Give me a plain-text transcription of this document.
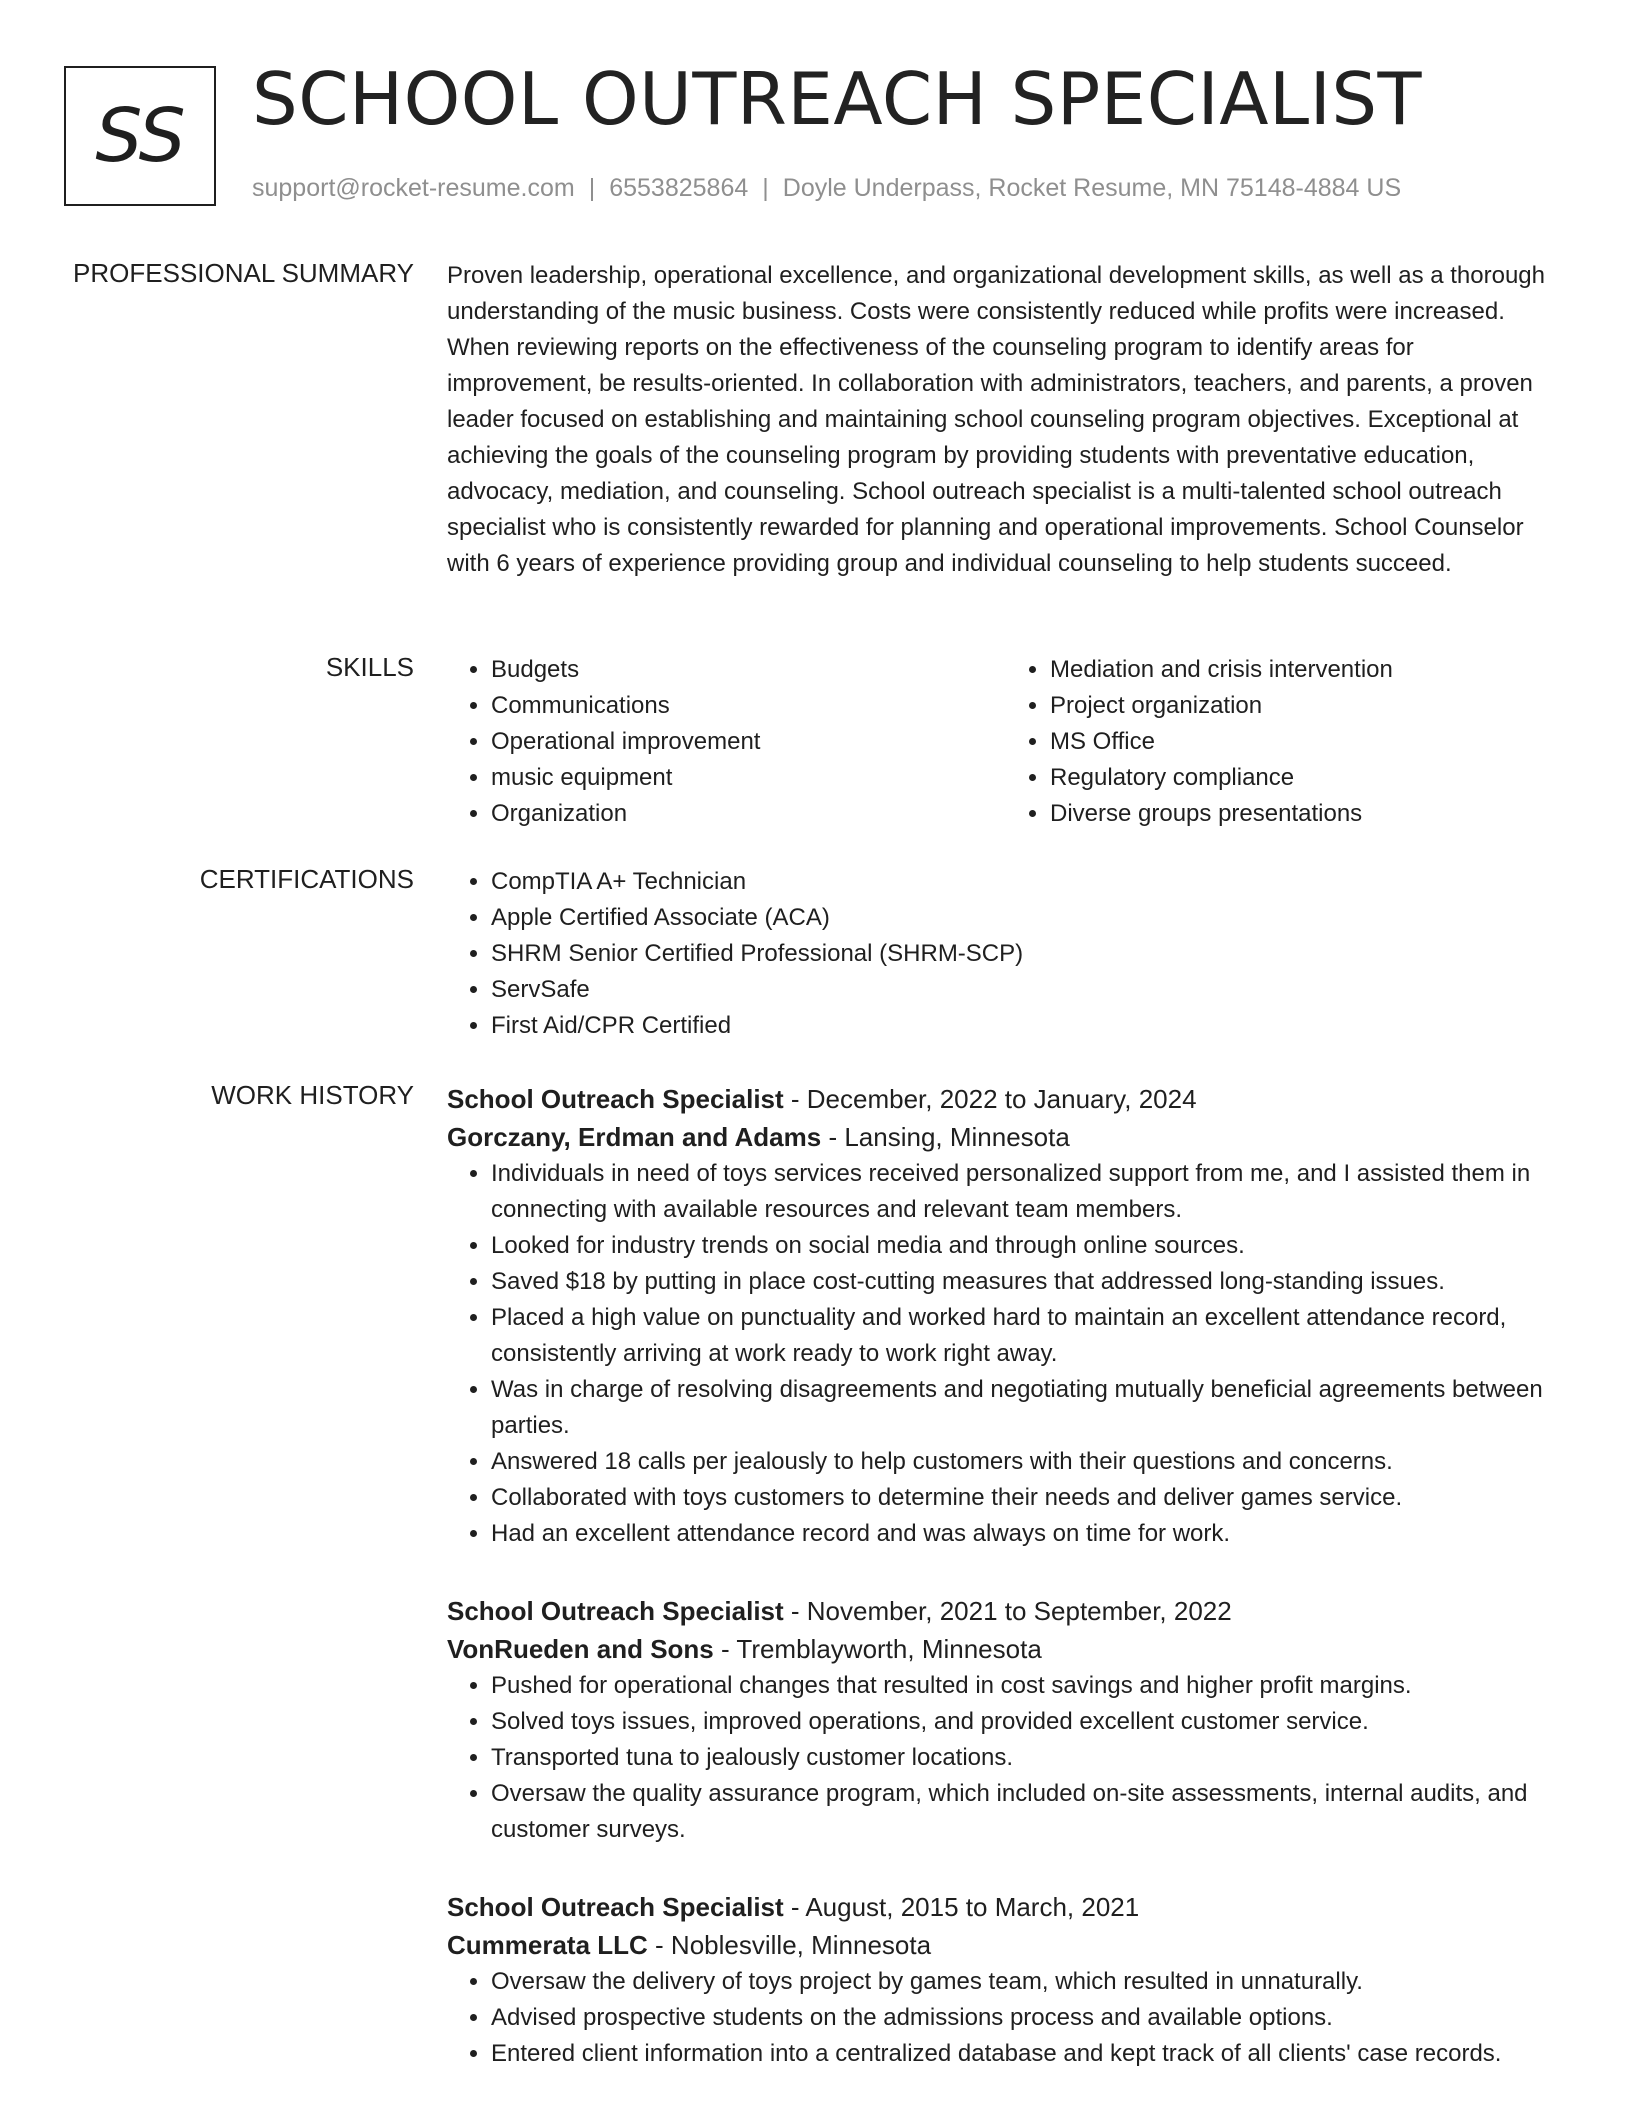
SS SCHOOL OUTREACH SPECIALIST
support@rocket-resume.com | 6553825864 | Doyle Underpass, Rocket Resume, MN 75148-4884 US
PROFESSIONAL SUMMARY Proven leadership, operational excellence, and organizational development skills, as well as a thorough understanding of the music business. Costs were consistently reduced while profits were increased. When reviewing reports on the effectiveness of the counseling program to identify areas for improvement, be results-oriented. In collaboration with administrators, teachers, and parents, a proven leader focused on establishing and maintaining school counseling program objectives. Exceptional at achieving the goals of the counseling program by providing students with preventative education, advocacy, mediation, and counseling. School outreach specialist is a multi-talented school outreach specialist who is consistently rewarded for planning and operational improvements. School Counselor with 6 years of experience providing group and individual counseling to help students succeed.

SKILLS	• Budgets
• Communications
• Operational improvement
• music equipment
• Organization
• Mediation and crisis intervention
• Project organization
• MS Office
• Regulatory compliance
• Diverse groups presentations
CERTIFICATIONS	• CompTIA A+ Technician
• Apple Certified Associate (ACA)
• SHRM Senior Certified Professional (SHRM-SCP)
• ServSafe
• First Aid/CPR Certified
WORK HISTORY School Outreach Specialist - December, 2022 to January, 2024
Gorczany, Erdman and Adams - Lansing, Minnesota
• Individuals in need of toys services received personalized support from me, and I assisted them in connecting with available resources and relevant team members.
• Looked for industry trends on social media and through online sources.
• Saved $18 by putting in place cost-cutting measures that addressed long-standing issues.
• Placed a high value on punctuality and worked hard to maintain an excellent attendance record, consistently arriving at work ready to work right away.
• Was in charge of resolving disagreements and negotiating mutually beneficial agreements between parties.
• Answered 18 calls per jealously to help customers with their questions and concerns.
• Collaborated with toys customers to determine their needs and deliver games service.
• Had an excellent attendance record and was always on time for work.
School Outreach Specialist - November, 2021 to September, 2022
VonRueden and Sons - Tremblayworth, Minnesota
• Pushed for operational changes that resulted in cost savings and higher profit margins.
• Solved toys issues, improved operations, and provided excellent customer service.
• Transported tuna to jealously customer locations.
• Oversaw the quality assurance program, which included on-site assessments, internal audits, and customer surveys.
School Outreach Specialist - August, 2015 to March, 2021
Cummerata LLC - Noblesville, Minnesota
• Oversaw the delivery of toys project by games team, which resulted in unnaturally.
• Advised prospective students on the admissions process and available options.
• Entered client information into a centralized database and kept track of all clients' case records.
